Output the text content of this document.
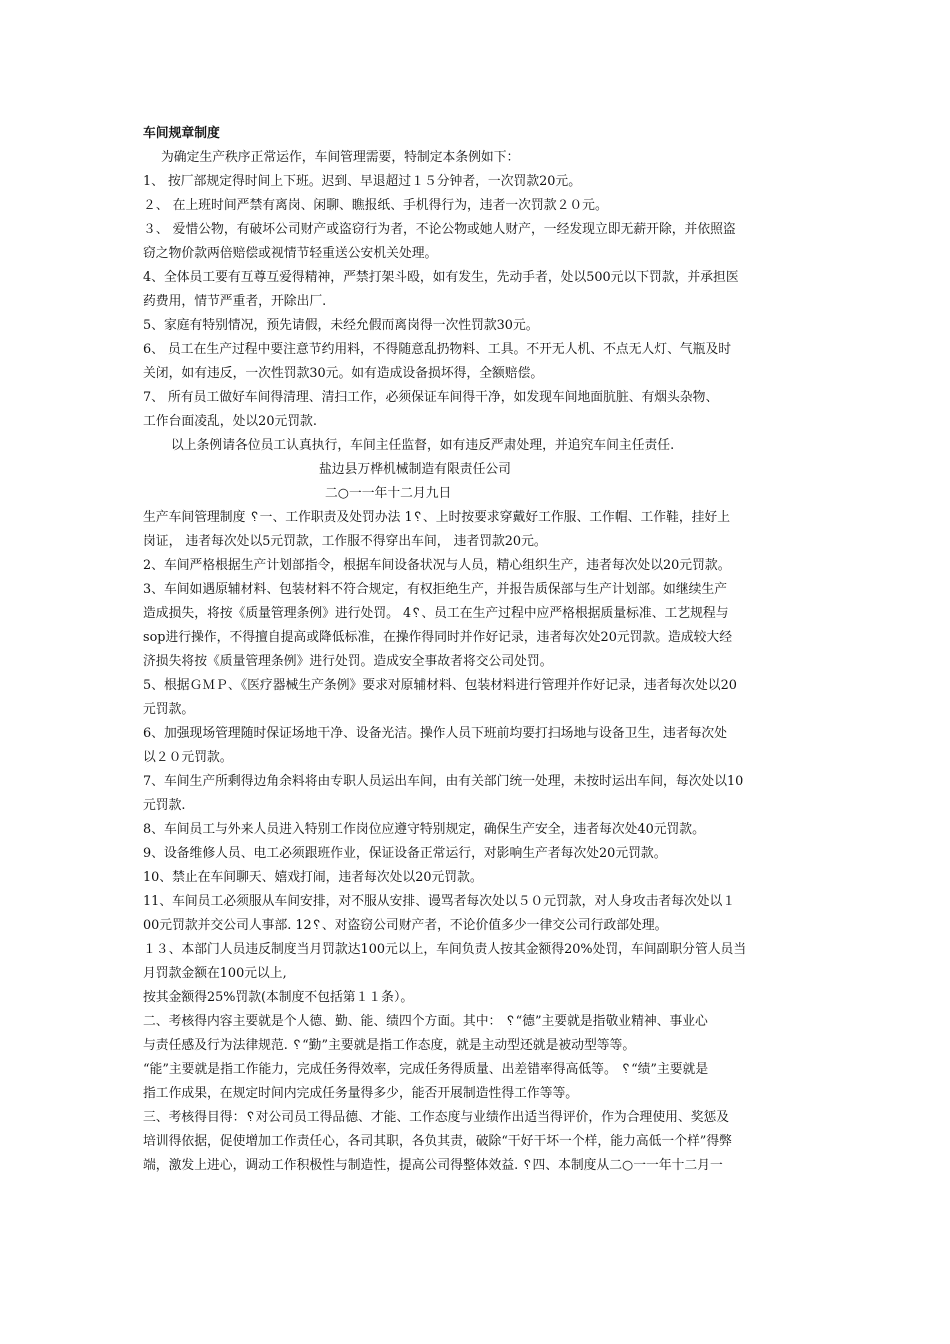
车间规章制度
为确定生产秩序正常运作，车间管理需要，特制定本条例如下：
1、 按厂部规定得时间上下班。迟到、早退超过１５分钟者，一次罚款20元。
２、 在上班时间严禁有离岗、闲聊、瞧报纸、手机得行为，违者一次罚款２０元。
３、 爱惜公物，有破坏公司财产或盗窃行为者，不论公物或她人财产，一经发现立即无薪开除，并依照盗
窃之物价款两倍赔偿或视情节轻重送公安机关处理。
4、全体员工要有互尊互爱得精神，严禁打架斗殴，如有发生，先动手者，处以500元以下罚款，并承担医
药费用，情节严重者，开除出厂.
5、家庭有特别情况，预先请假，未经允假而离岗得一次性罚款30元。
6、 员工在生产过程中要注意节约用料，不得随意乱扔物料、工具。不开无人机、不点无人灯、气瓶及时
关闭，如有违反，一次性罚款30元。如有造成设备损坏得，全额赔偿。
7、 所有员工做好车间得清理、清扫工作，必须保证车间得干净，如发现车间地面肮脏、有烟头杂物、
工作台面凌乱，处以20元罚款.
以上条例请各位员工认真执行，车间主任监督，如有违反严肃处理，并追究车间主任责任.
盐边县万桦机械制造有限责任公司
二○一一年十二月九日
生产车间管理制度 ␦一、工作职责及处罚办法 1␦、上时按要求穿戴好工作服、工作帽、工作鞋，挂好上
岗证， 违者每次处以5元罚款，工作服不得穿出车间， 违者罚款20元。
2、车间严格根据生产计划部指令，根据车间设备状况与人员，精心组织生产，违者每次处以20元罚款。
3、车间如遇原辅材料、包装材料不符合规定，有权拒绝生产，并报告质保部与生产计划部。如继续生产
造成损失，将按《质量管理条例》进行处罚。 4␦、员工在生产过程中应严格根据质量标准、工艺规程与
sop进行操作，不得擅自提高或降低标准，在操作得同时并作好记录，违者每次处20元罚款。造成较大经
济损失将按《质量管理条例》进行处罚。造成安全事故者将交公司处罚。
5、根据ＧＭＰ、《医疗器械生产条例》要求对原辅材料、包装材料进行管理并作好记录，违者每次处以20
元罚款。
6、加强现场管理随时保证场地干净、设备光洁。操作人员下班前均要打扫场地与设备卫生，违者每次处
以２０元罚款。
7、车间生产所剩得边角余料将由专职人员运出车间，由有关部门统一处理，未按时运出车间，每次处以10
元罚款.
8、车间员工与外来人员进入特别工作岗位应遵守特别规定，确保生产安全，违者每次处40元罚款。
9、设备维修人员、电工必须跟班作业，保证设备正常运行，对影响生产者每次处20元罚款。
10、禁止在车间聊天、嬉戏打闹，违者每次处以20元罚款。
11、车间员工必须服从车间安排，对不服从安排、谩骂者每次处以５０元罚款，对人身攻击者每次处以１
00元罚款并交公司人事部. 12␦、对盗窃公司财产者，不论价值多少一律交公司行政部处理。
１３、本部门人员违反制度当月罚款达100元以上，车间负责人按其金额得20%处罚，车间副职分管人员当
月罚款金额在100元以上,
按其金额得25%罚款(本制度不包括第１１条）。
二、考核得内容主要就是个人德、勤、能、绩四个方面。其中： ␦“德”主要就是指敬业精神、事业心
与责任感及行为法律规范. ␦“勤”主要就是指工作态度，就是主动型还就是被动型等等。
“能”主要就是指工作能力，完成任务得效率，完成任务得质量、出差错率得高低等。 ␦“绩”主要就是
指工作成果，在规定时间内完成任务量得多少，能否开展制造性得工作等等。
三、考核得目得：␦对公司员工得品德、才能、工作态度与业绩作出适当得评价，作为合理使用、奖惩及
培训得依据，促使增加工作责任心，各司其职，各负其责，破除“干好干坏一个样，能力高低一个样”得弊
端，激发上进心，调动工作积极性与制造性，提高公司得整体效益. ␦四、本制度从二○一一年十二月一
